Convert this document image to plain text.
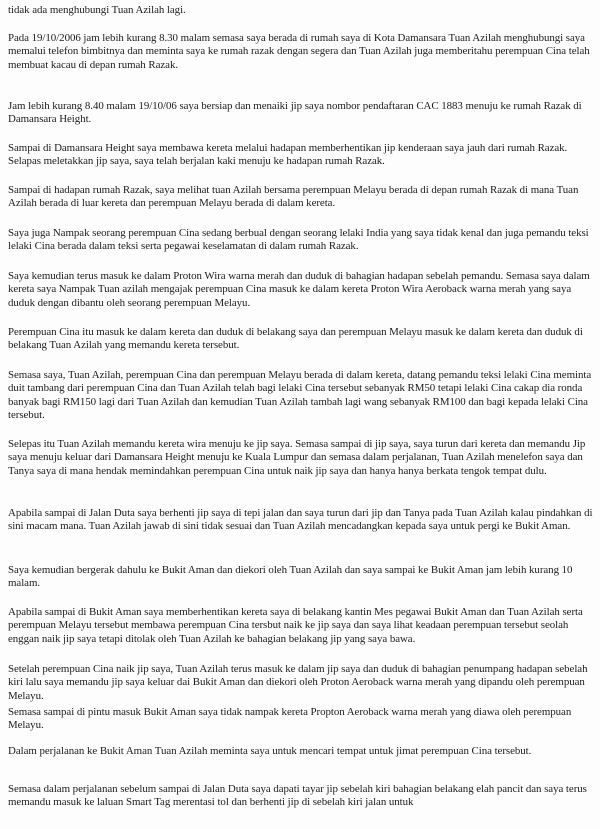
tidak ada menghubungi Tuan Azilah lagi.

Pada 19/10/2006 jam lebih kurang 8.30 malam semasa saya berada di rumah saya di Kota Damansara Tuan Azilah menghubungi saya memalui telefon bimbitnya dan meminta saya ke rumah razak dengan segera dan Tuan Azilah juga memberitahu perempuan Cina telah membuat kacau di depan rumah Razak.

Jam lebih kurang 8.40 malam 19/10/06 saya bersiap dan menaiki jip saya nombor pendaftaran CAC 1883 menuju ke rumah Razak di Damansara Height.

Sampai di Damansara Height saya membawa kereta melalui hadapan memberhentikan jip kenderaan saya jauh dari rumah Razak. Selapas meletakkan jip saya, saya telah berjalan kaki menuju ke hadapan rumah Razak.

Sampai di hadapan rumah Razak, saya melihat tuan Azilah bersama perempuan Melayu berada di depan rumah Razak di mana Tuan Azilah berada di luar kereta dan perempuan Melayu berada di dalam kereta.

Saya juga Nampak seorang perempuan Cina sedang berbual dengan seorang lelaki India yang saya tidak kenal dan juga pemandu teksi lelaki Cina berada dalam teksi serta pegawai keselamatan di dalam rumah Razak.

Saya kemudian terus masuk ke dalam Proton Wira warna merah dan duduk di bahagian hadapan sebelah pemandu. Semasa saya dalam kereta saya Nampak Tuan azilah mengajak perempuan Cina masuk ke dalam kereta Proton Wira Aeroback warna merah yang saya duduk dengan dibantu oleh seorang perempuan Melayu.

Perempuan Cina itu masuk ke dalam kereta dan duduk di belakang saya dan perempuan Melayu masuk ke dalam kereta dan duduk di belakang Tuan Azilah yang memandu kereta tersebut.

Semasa saya, Tuan Azilah, perempuan Cina dan perempuan Melayu berada di dalam kereta, datang pemandu teksi lelaki Cina meminta duit tambang dari perempuan Cina dan Tuan Azilah telah bagi lelaki Cina tersebut sebanyak RM50 tetapi lelaki Cina cakap dia ronda banyak bagi RM150 lagi dari Tuan Azilah dan kemudian Tuan Azilah tambah lagi wang sebanyak RM100 dan bagi kepada lelaki Cina tersebut.

Selepas itu Tuan Azilah memandu kereta wira menuju ke jip saya. Semasa sampai di jip saya, saya turun dari kereta dan memandu Jip saya menuju keluar dari Damansara Height menuju ke Kuala Lumpur dan semasa dalam perjalanan, Tuan Azilah menelefon saya dan Tanya saya di mana hendak memindahkan perempuan Cina untuk naik jip saya dan hanya hanya berkata tengok tempat dulu.

Apabila sampai di Jalan Duta saya berhenti jip saya di tepi jalan dan saya turun dari jip dan Tanya pada Tuan Azilah kalau pindahkan di sini macam mana. Tuan Azilah jawab di sini tidak sesuai dan Tuan Azilah mencadangkan kepada saya untuk pergi ke Bukit Aman.

Saya kemudian bergerak dahulu ke Bukit Aman dan diekori oleh Tuan Azilah dan saya sampai ke Bukit Aman jam lebih kurang 10 malam.

Apabila sampai di Bukit Aman saya memberhentikan kereta saya di belakang kantin Mes pegawai Bukit Aman dan Tuan Azilah serta perempuan Melayu tersebut membawa perempuan Cina tersbut naik ke jip saya dan saya lihat keadaan perempuan tersebut seolah enggan naik jip saya tetapi ditolak oleh Tuan Azilah ke bahagian belakang jip yang saya bawa.

Setelah perempuan Cina naik jip saya, Tuan Azilah terus masuk ke dalam jip saya dan duduk di bahagian penumpang hadapan sebelah kiri lalu saya memandu jip saya keluar dai Bukit Aman dan diekori oleh Proton Aeroback warna merah yang dipandu oleh perempuan Melayu.

Semasa sampai di pintu masuk Bukit Aman saya tidak nampak kereta Propton Aeroback warna merah yang diawa oleh perempuan Melayu.

Dalam perjalanan ke Bukit Aman Tuan Azilah meminta saya untuk mencari tempat untuk jimat perempuan Cina tersebut.

Semasa dalam perjalanan sebelum sampai di Jalan Duta saya dapati tayar jip sebelah kiri bahagian belakang elah pancit dan saya terus memandu masuk ke laluan Smart Tag merentasi tol dan berhenti jip di sebelah kiri jalan untuk
